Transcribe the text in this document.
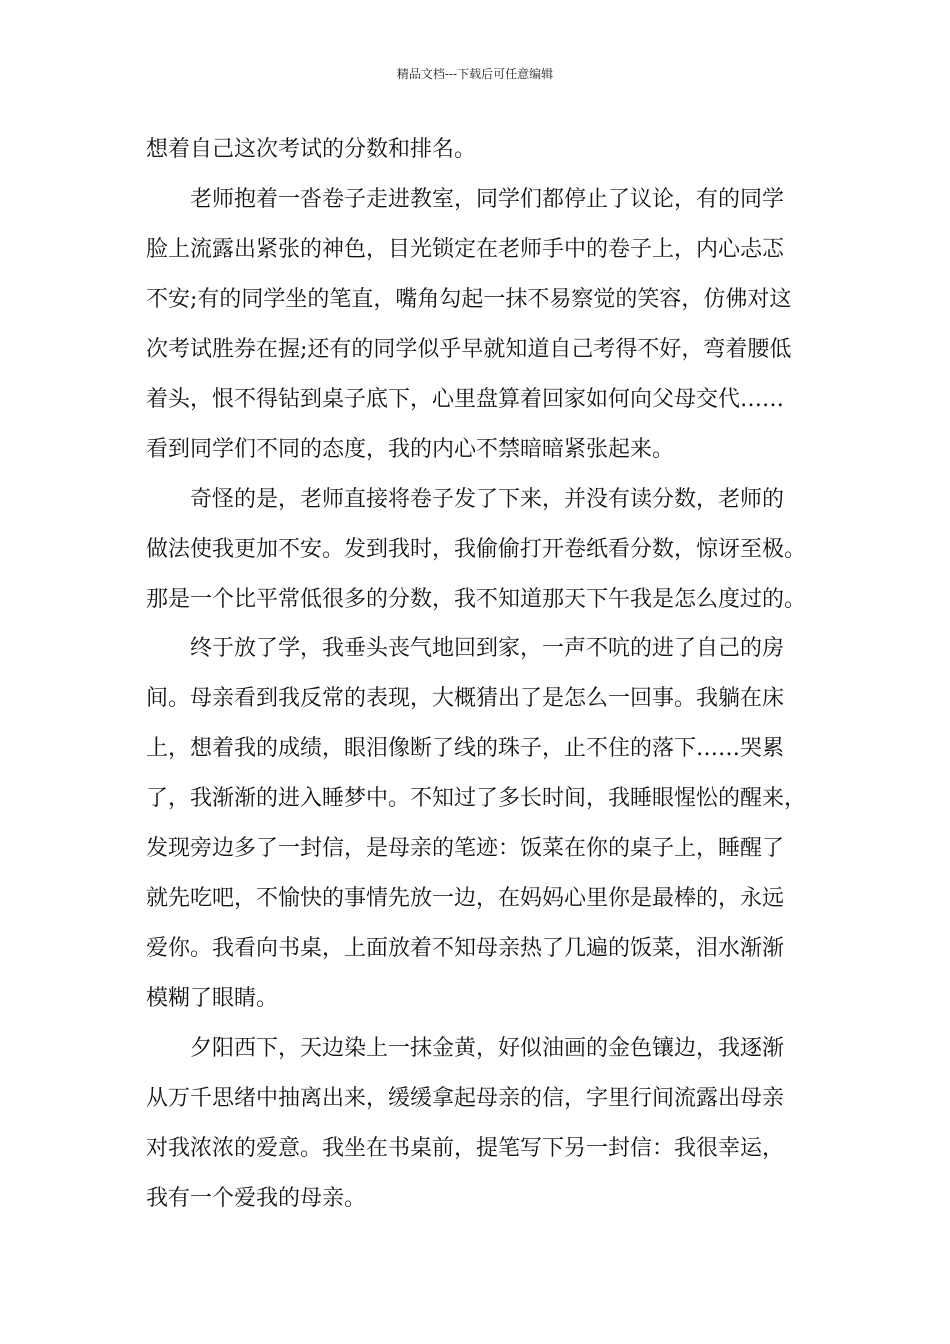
精品文档---下载后可任意编辑
想着自己这次考试的分数和排名。
老师抱着一沓卷子走进教室，同学们都停止了议论，有的同学
脸上流露出紧张的神色，目光锁定在老师手中的卷子上，内心忐忑
不安;有的同学坐的笔直，嘴角勾起一抹不易察觉的笑容，仿佛对这
次考试胜券在握;还有的同学似乎早就知道自己考得不好，弯着腰低
着头，恨不得钻到桌子底下，心里盘算着回家如何向父母交代……
看到同学们不同的态度，我的内心不禁暗暗紧张起来。
奇怪的是，老师直接将卷子发了下来，并没有读分数，老师的
做法使我更加不安。发到我时，我偷偷打开卷纸看分数，惊讶至极。
那是一个比平常低很多的分数，我不知道那天下午我是怎么度过的。
终于放了学，我垂头丧气地回到家，一声不吭的进了自己的房
间。母亲看到我反常的表现，大概猜出了是怎么一回事。我躺在床
上，想着我的成绩，眼泪像断了线的珠子，止不住的落下……哭累
了，我渐渐的进入睡梦中。不知过了多长时间，我睡眼惺忪的醒来，
发现旁边多了一封信，是母亲的笔迹：饭菜在你的桌子上，睡醒了
就先吃吧，不愉快的事情先放一边，在妈妈心里你是最棒的，永远
爱你。我看向书桌，上面放着不知母亲热了几遍的饭菜，泪水渐渐
模糊了眼睛。
夕阳西下，天边染上一抹金黄，好似油画的金色镶边，我逐渐
从万千思绪中抽离出来，缓缓拿起母亲的信，字里行间流露出母亲
对我浓浓的爱意。我坐在书桌前，提笔写下另一封信：我很幸运，
我有一个爱我的母亲。
